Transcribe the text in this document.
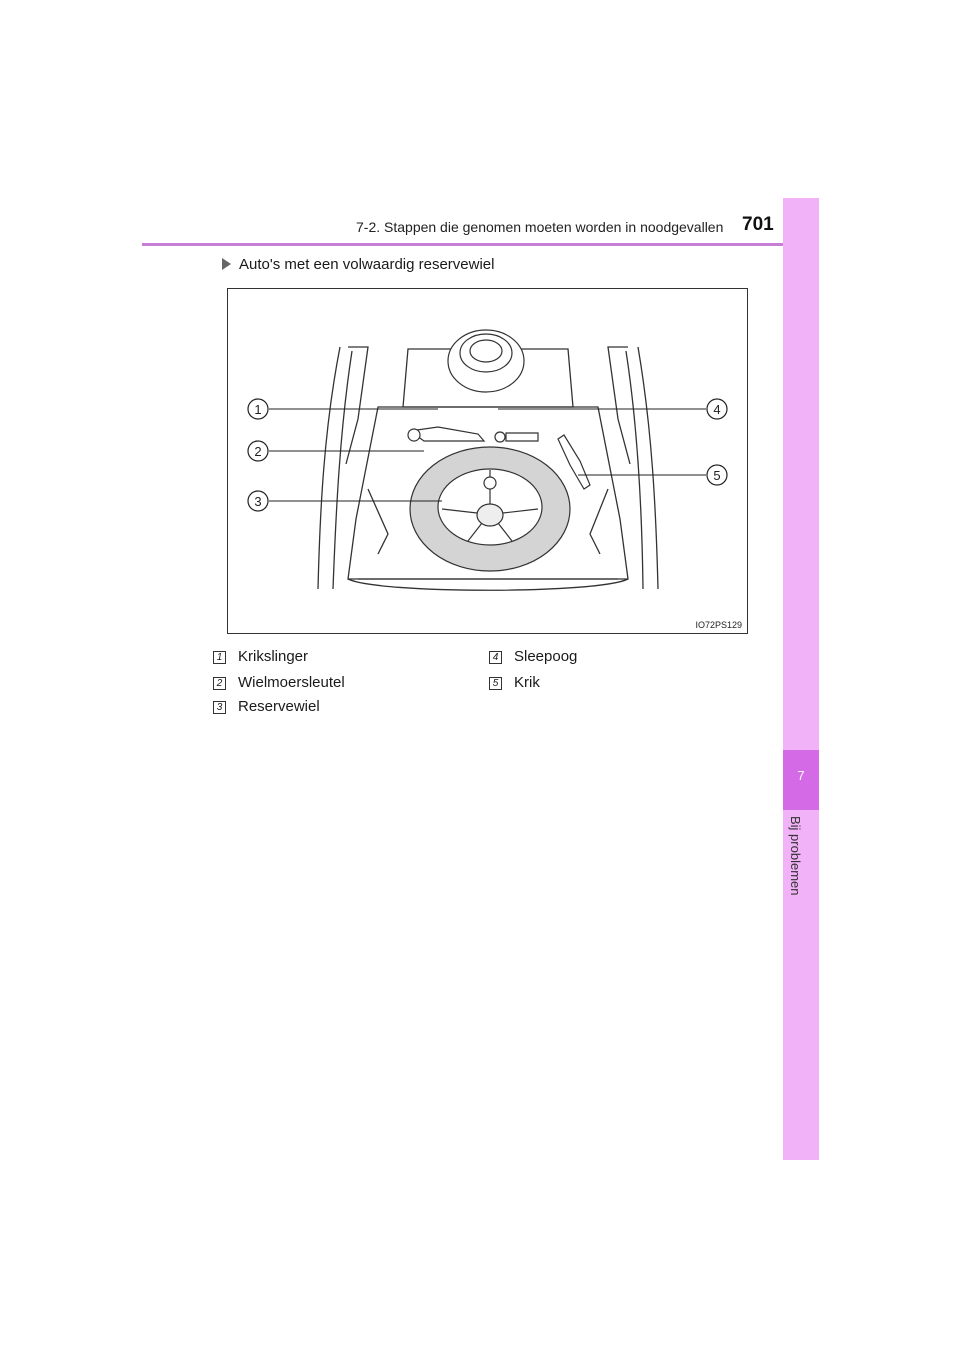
7-2. Stappen die genomen moeten worden in noodgevallen 701
7
Bij problemen
Auto's met een volwaardig reservewiel
1
2
3
4
5
IO72PS129
1 Krikslinger
2 Wielmoersleutel
3 Reservewiel
4 Sleepoog
5 Krik
